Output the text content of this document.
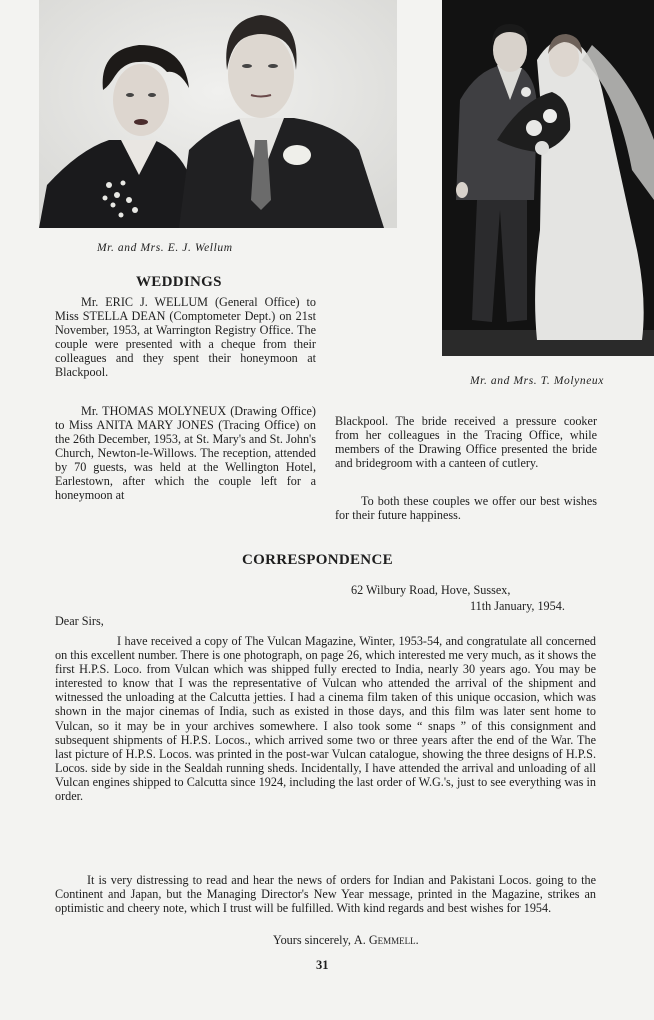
Mr. and Mrs. E. J. Wellum
Mr. and Mrs. T. Molyneux
WEDDINGS

Mr. ERIC J. WELLUM (General Office) to Miss STELLA DEAN (Comptometer Dept.) on 21st November, 1953, at Warrington Registry Office. The couple were presented with a cheque from their colleagues and they spent their honeymoon at Blackpool.

Mr. THOMAS MOLYNEUX (Drawing Office) to Miss ANITA MARY JONES (Tracing Office) on the 26th December, 1953, at St. Mary's and St. John's Church, Newton-le-Willows. The reception, attended by 70 guests, was held at the Wellington Hotel, Earlestown, after which the couple left for a honeymoon at

Blackpool. The bride received a pressure cooker from her colleagues in the Tracing Office, while members of the Drawing Office presented the bride and bridegroom with a canteen of cutlery.

To both these couples we offer our best wishes for their future happiness.

CORRESPONDENCE
62 Wilbury Road, Hove, Sussex,
11th January, 1954.
Dear Sirs,

I have received a copy of The Vulcan Magazine, Winter, 1953-54, and congratulate all concerned on this excellent number. There is one photograph, on page 26, which interested me very much, as it shows the first H.P.S. Loco. from Vulcan which was shipped fully erected to India, nearly 30 years ago. You may be interested to know that I was the representative of Vulcan who attended the arrival of the shipment and witnessed the unloading at the Calcutta jetties. I had a cinema film taken of this unique occasion, which was shown in the major cinemas of India, such as existed in those days, and this film was later sent home to Vulcan, so it may be in your archives somewhere. I also took some “ snaps ” of this consignment and subsequent shipments of H.P.S. Locos., which arrived some two or three years after the end of the War. The last picture of H.P.S. Locos. was printed in the post-war Vulcan catalogue, showing the three designs of H.P.S. Locos. side by side in the Sealdah running sheds. Incidentally, I have attended the arrival and unloading of all Vulcan engines shipped to Calcutta since 1924, including the last order of W.G.'s, just to see everything was in order.

It is very distressing to read and hear the news of orders for Indian and Pakistani Locos. going to the Continent and Japan, but the Managing Director's New Year message, printed in the Magazine, strikes an optimistic and cheery note, which I trust will be fulfilled. With kind regards and best wishes for 1954.

Yours sincerely, A. Gemmell.
31
